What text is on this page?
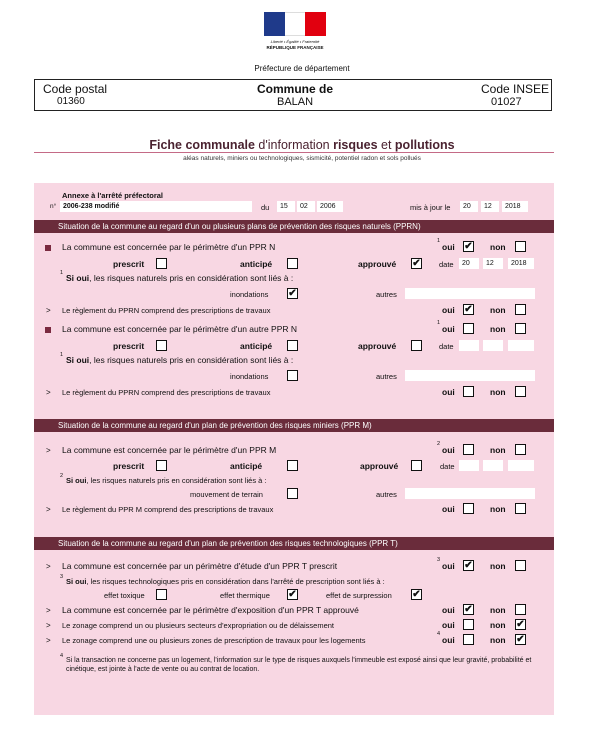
Liberté • Égalité • Fraternité
RÉPUBLIQUE FRANÇAISE
Préfecture de département
Code postal
01360
Commune de
BALAN
Code INSEE
01027
Fiche communale d'information risques et pollutions
aléas naturels, miniers ou technologiques, sismicité, potentiel radon et sols pollués
Annexe à l'arrêté préfectoral
n° 2006-238 modifié	du	15	02	2006	mis à jour le	20	12	2018
Situation de la commune au regard d'un ou plusieurs plans de prévention des risques naturels (PPRN)
La commune est concernée par le périmètre d'un PPR N
1
oui ✔ non
prescrit	anticipé	approuvé ✔ date	20	12	2018
1 Si oui, les risques naturels pris en considération sont liés à :
inondations ✔	autres
> Le règlement du PPRN comprend des prescriptions de travaux	oui ✔ non
La commune est concernée par le périmètre d'un autre PPR N
1
oui	non
prescrit	anticipé	approuvé	date
1 Si oui, les risques naturels pris en considération sont liés à :
inondations	autres
> Le règlement du PPRN comprend des prescriptions de travaux	oui	non
Situation de la commune au regard d'un plan de prévention des risques miniers (PPR M)
> La commune est concernée par le périmètre d'un PPR M
2
oui	non
prescrit	anticipé	approuvé	date
2 Si oui, les risques naturels pris en considération sont liés à :
mouvement de terrain	autres
> Le règlement du PPR M comprend des prescriptions de travaux	oui	non
Situation de la commune au regard d'un plan de prévention des risques technologiques (PPR T)
> La commune est concernée par un périmètre d'étude d'un PPR T prescrit
3
oui ✔ non
3 Si oui, les risques technologiques pris en considération dans l'arrêté de prescription sont liés à :
effet toxique	effet thermique ✔	effet de surpression ✔
> La commune est concernée par le périmètre d'exposition d'un PPR T approuvé	oui ✔ non
> Le zonage comprend un ou plusieurs secteurs d'expropriation ou de délaissement	oui	non ✔
> Le zonage comprend une ou plusieurs zones de prescription de travaux pour les logements
4
oui	non ✔
4
Si la transaction ne concerne pas un logement, l'information sur le type de risques auxquels l'immeuble est exposé ainsi que leur gravité, probabilité et cinétique, est jointe à l'acte de vente ou au contrat de location.
